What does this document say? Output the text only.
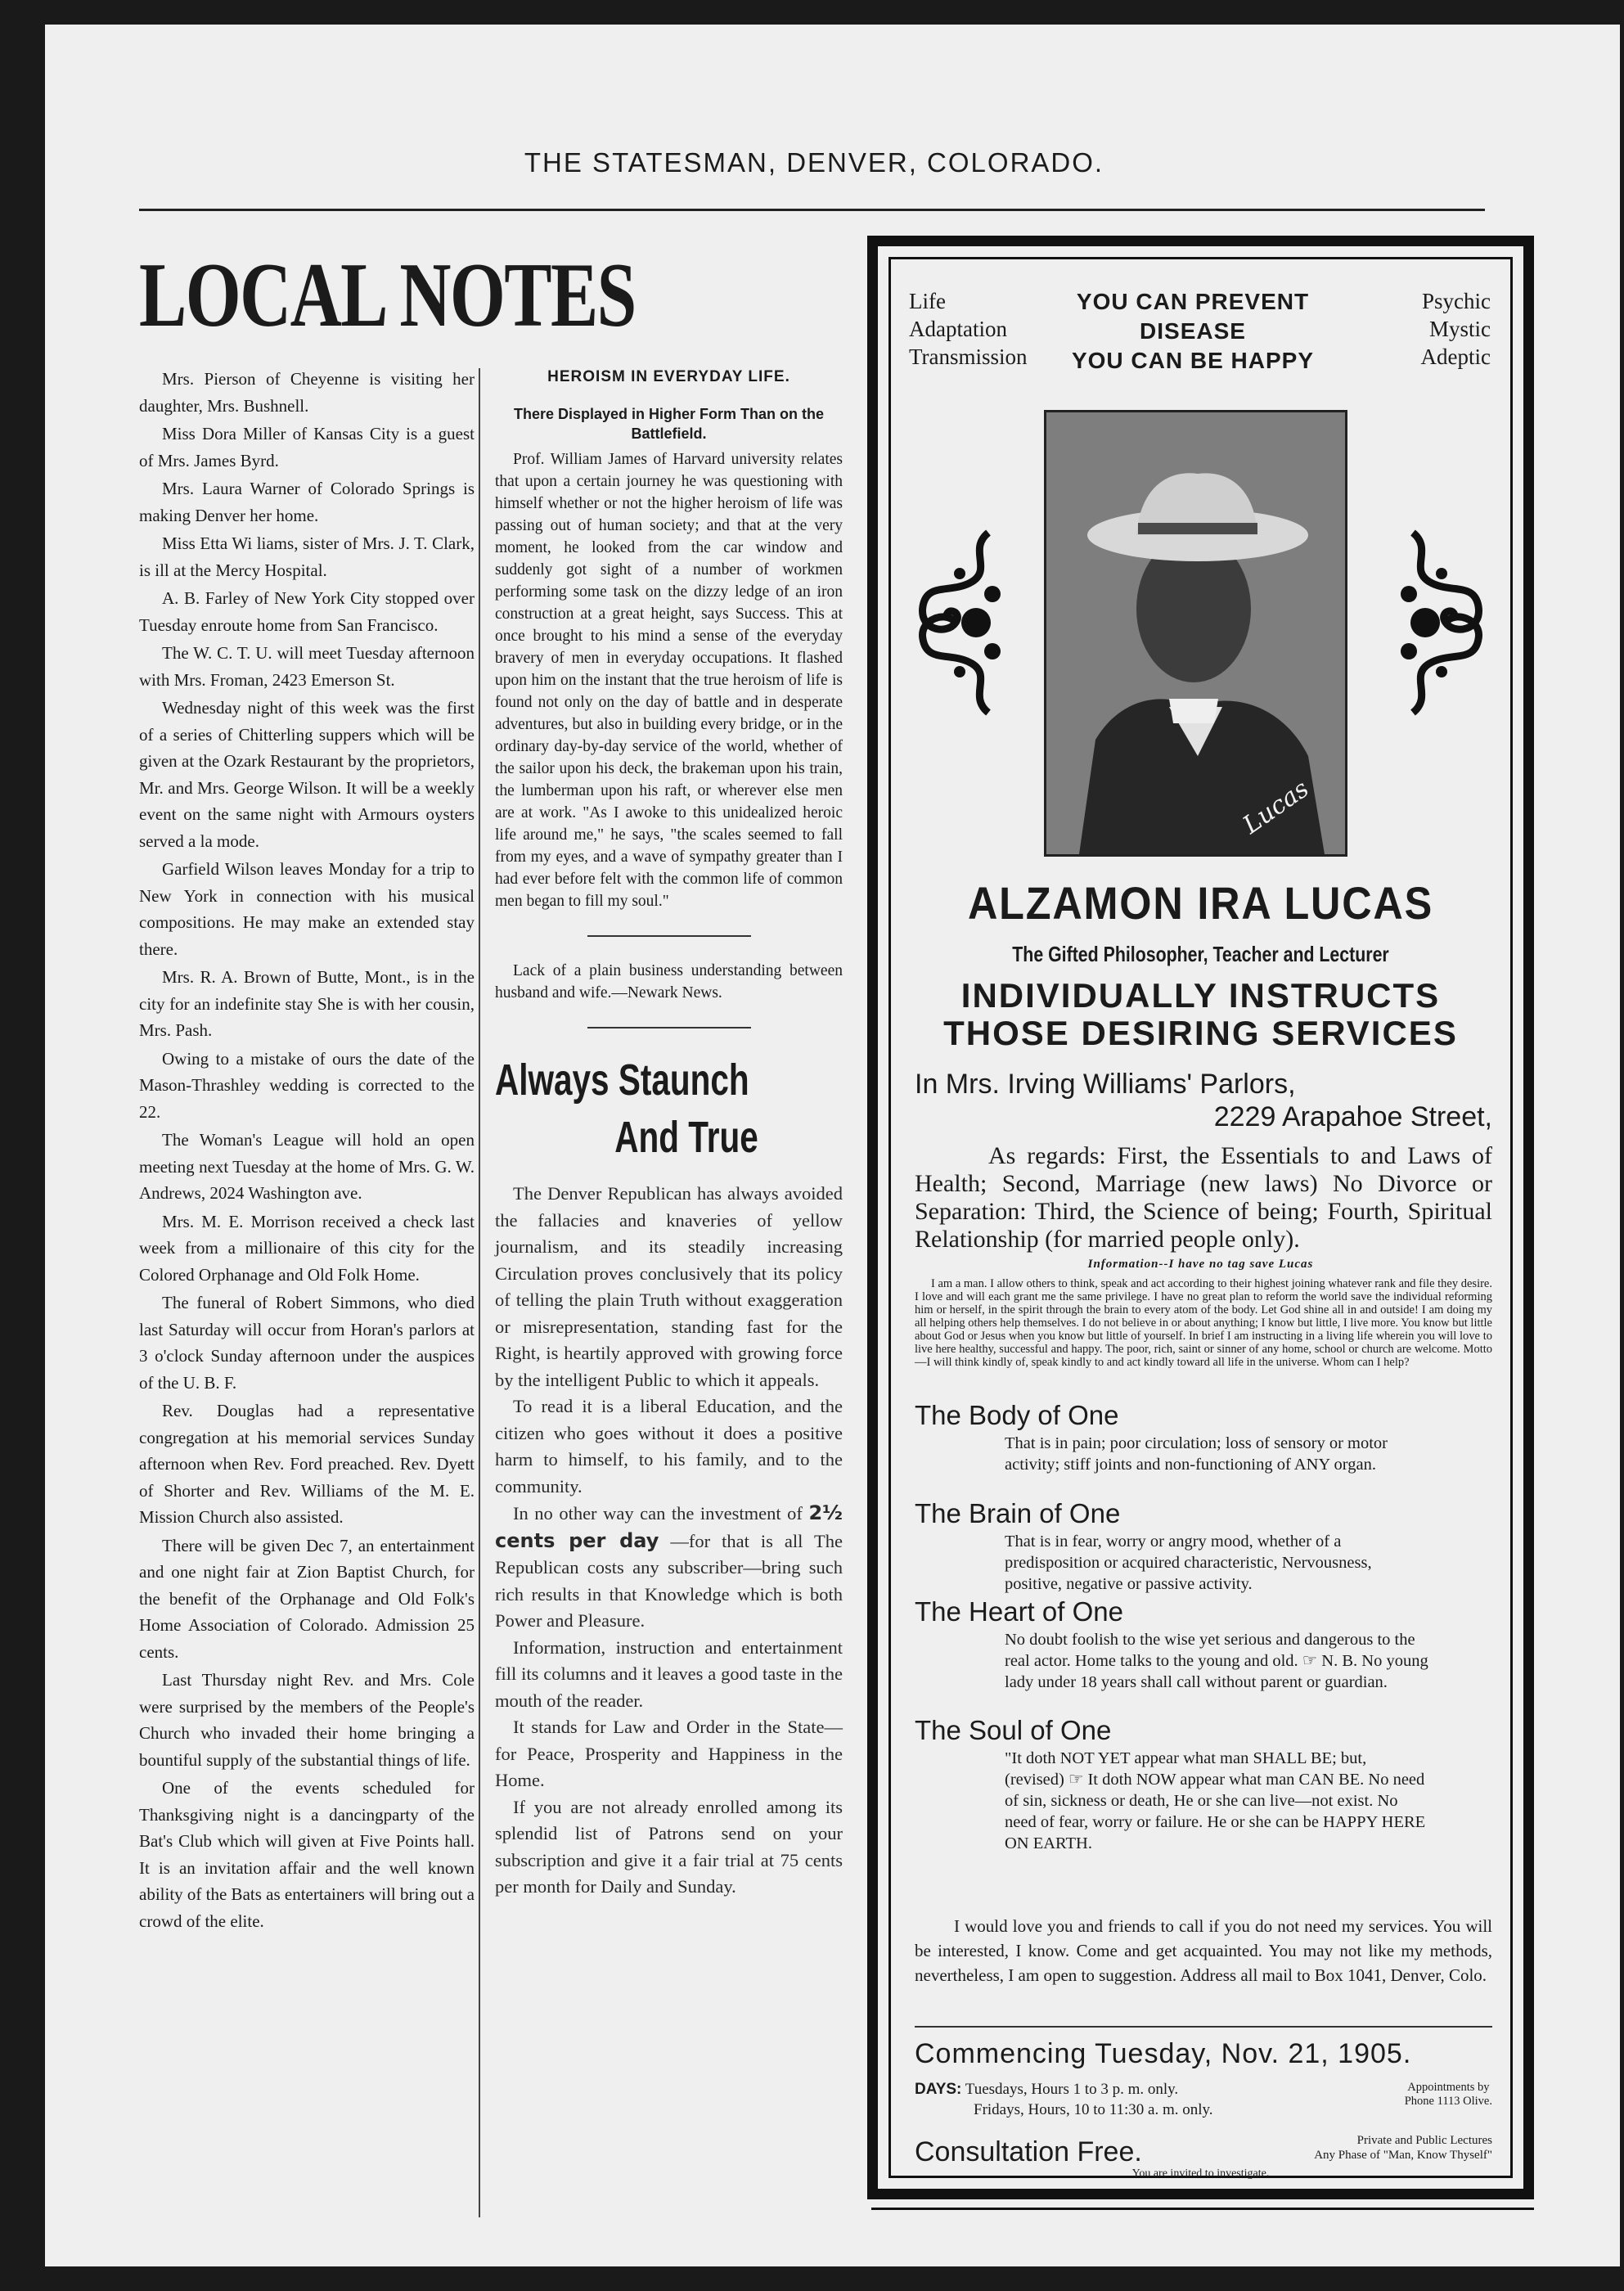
THE STATESMAN, DENVER, COLORADO.
LOCAL NOTES

Mrs. Pierson of Cheyenne is visiting her daughter, Mrs. Bushnell.

Miss Dora Miller of Kansas City is a guest of Mrs. James Byrd.

Mrs. Laura Warner of Colorado Springs is making Denver her home.

Miss Etta Wi liams, sister of Mrs. J. T. Clark, is ill at the Mercy Hospital.

A. B. Farley of New York City stopped over Tuesday enroute home from San Francisco.

The W. C. T. U. will meet Tuesday afternoon with Mrs. Froman, 2423 Emerson St.

Wednesday night of this week was the first of a series of Chitterling suppers which will be given at the Ozark Restaurant by the proprietors, Mr. and Mrs. George Wilson. It will be a weekly event on the same night with Armours oysters served a la mode.

Garfield Wilson leaves Monday for a trip to New York in connection with his musical compositions. He may make an extended stay there.

Mrs. R. A. Brown of Butte, Mont., is in the city for an indefinite stay She is with her cousin, Mrs. Pash.

Owing to a mistake of ours the date of the Mason-Thrashley wedding is corrected to the 22.

The Woman's League will hold an open meeting next Tuesday at the home of Mrs. G. W. Andrews, 2024 Washington ave.

Mrs. M. E. Morrison received a check last week from a millionaire of this city for the Colored Orphanage and Old Folk Home.

The funeral of Robert Simmons, who died last Saturday will occur from Horan's parlors at 3 o'clock Sunday afternoon under the auspices of the U. B. F.

Rev. Douglas had a representative congregation at his memorial services Sunday afternoon when Rev. Ford preached. Rev. Dyett of Shorter and Rev. Williams of the M. E. Mission Church also assisted.

There will be given Dec 7, an entertainment and one night fair at Zion Baptist Church, for the benefit of the Orphanage and Old Folk's Home Association of Colorado. Admission 25 cents.

Last Thursday night Rev. and Mrs. Cole were surprised by the members of the People's Church who invaded their home bringing a bountiful supply of the substantial things of life.

One of the events scheduled for Thanksgiving night is a dancingparty of the Bat's Club which will given at Five Points hall. It is an invitation affair and the well known ability of the Bats as entertainers will bring out a crowd of the elite.

HEROISM IN EVERYDAY LIFE.
There Displayed in Higher Form Than on the Battlefield.

Prof. William James of Harvard university relates that upon a certain journey he was questioning with himself whether or not the higher heroism of life was passing out of human society; and that at the very moment, he looked from the car window and suddenly got sight of a number of workmen performing some task on the dizzy ledge of an iron construction at a great height, says Success. This at once brought to his mind a sense of the everyday bravery of men in everyday occupations. It flashed upon him on the instant that the true heroism of life is found not only on the day of battle and in desperate adventures, but also in building every bridge, or in the ordinary day-by-day service of the world, whether of the sailor upon his deck, the brakeman upon his train, the lumberman upon his raft, or wherever else men are at work. "As I awoke to this unidealized heroic life around me," he says, "the scales seemed to fall from my eyes, and a wave of sympathy greater than I had ever before felt with the common life of common men began to fill my soul."

Lack of a plain business understanding between husband and wife.—Newark News.

Always Staunch
And True

The Denver Republican has always avoided the fallacies and knaveries of yellow journalism, and its steadily increasing Circulation proves conclusively that its policy of telling the plain Truth without exaggeration or misrepresentation, standing fast for the Right, is heartily approved with growing force by the intelligent Public to which it appeals.

To read it is a liberal Education, and the citizen who goes without it does a positive harm to himself, to his family, and to the community.

In no other way can the investment of 2½ cents per day —for that is all The Republican costs any subscriber—bring such rich results in that Knowledge which is both Power and Pleasure.

Information, instruction and entertainment fill its columns and it leaves a good taste in the mouth of the reader.

It stands for Law and Order in the State—for Peace, Prosperity and Happiness in the Home.

If you are not already enrolled among its splendid list of Patrons send on your subscription and give it a fair trial at 75 cents per month for Daily and Sunday.

Life
Adaptation
Transmission
YOU CAN PREVENT DISEASE
YOU CAN BE HAPPY
Psychic
Mystic
Adeptic
Lucas
ALZAMON IRA LUCAS
The Gifted Philosopher, Teacher and Lecturer
INDIVIDUALLY INSTRUCTS
THOSE DESIRING SERVICES
In Mrs. Irving Williams' Parlors,
2229 Arapahoe Street,
As regards: First, the Essentials to and Laws of Health; Second, Marriage (new laws) No Divorce or Separation: Third, the Science of being; Fourth, Spiritual Relationship (for married people only).
Information--I have no tag save Lucas
I am a man. I allow others to think, speak and act according to their highest joining whatever rank and file they desire. I love and will each grant me the same privilege. I have no great plan to reform the world save the individual reforming him or herself, in the spirit through the brain to every atom of the body. Let God shine all in and outside! I am doing my all helping others help themselves. I do not believe in or about anything; I know but little, I live more. You know but little about God or Jesus when you know but little of yourself. In brief I am instructing in a living life wherein you will love to live here healthy, successful and happy. The poor, rich, saint or sinner of any home, school or church are welcome. Motto—I will think kindly of, speak kindly to and act kindly toward all life in the universe. Whom can I help?
The Body of One

That is in pain; poor circulation; loss of sensory or motor activity; stiff joints and non-functioning of ANY organ.

The Brain of One

That is in fear, worry or angry mood, whether of a predisposition or acquired characteristic, Nervousness, positive, negative or passive activity.

The Heart of One

No doubt foolish to the wise yet serious and dangerous to the real actor. Home talks to the young and old. ☞ N. B. No young lady under 18 years shall call without parent or guardian.

The Soul of One

"It doth NOT YET appear what man SHALL BE; but, (revised) ☞ It doth NOW appear what man CAN BE. No need of sin, sickness or death, He or she can live—not exist. No need of fear, worry or failure. He or she can be HAPPY HERE ON EARTH.

I would love you and friends to call if you do not need my services. You will be interested, I know. Come and get acquainted. You may not like my methods, nevertheless, I am open to suggestion. Address all mail to Box 1041, Denver, Colo.
Commencing Tuesday, Nov. 21, 1905.
DAYS: Tuesdays, Hours 1 to 3 p. m. only.
Fridays, Hours, 10 to 11:30 a. m. only.
Appointments by
Phone 1113 Olive.
Consultation Free.	Private and Public Lectures
Any Phase of "Man, Know Thyself"
You are invited to investigate.
